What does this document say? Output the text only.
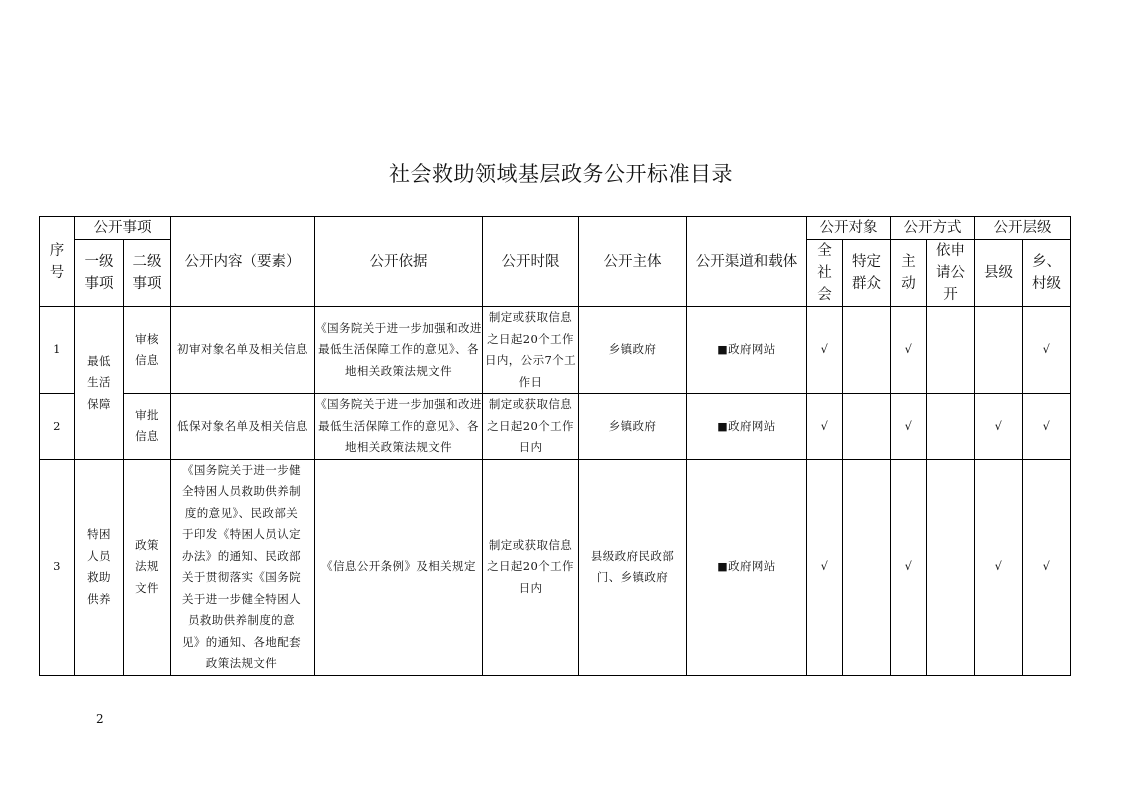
社会救助领域基层政务公开标准目录
序号	公开事项		公开内容（要素）	公开依据	公开时限	公开主体	公开渠道和载体	公开对象		公开方式		公开层级	

	一级事项	二级事项						全社会	特定群众	主动	依申请公开	县级	乡、村级

1	最低生活保障	审核信息	初审对象名单及相关信息	《国务院关于进一步加强和改进最低生活保障工作的意见》、各地相关政策法规文件	制定或获取信息之日起20个工作日内，公示7个工作日	乡镇政府	■政府网站	√		√			√
2		审批信息	低保对象名单及相关信息	《国务院关于进一步加强和改进最低生活保障工作的意见》、各地相关政策法规文件	制定或获取信息之日起20个工作日内	乡镇政府	■政府网站	√		√		√	√
3	特困人员救助供养	政策法规文件	《国务院关于进一步健全特困人员救助供养制度的意见》、民政部关于印发《特困人员认定办法》的通知、民政部关于贯彻落实《国务院关于进一步健全特困人员救助供养制度的意见》的通知、各地配套政策法规文件	《信息公开条例》及相关规定	制定或获取信息之日起20个工作日内	县级政府民政部门、乡镇政府	■政府网站	√		√		√	√
2
